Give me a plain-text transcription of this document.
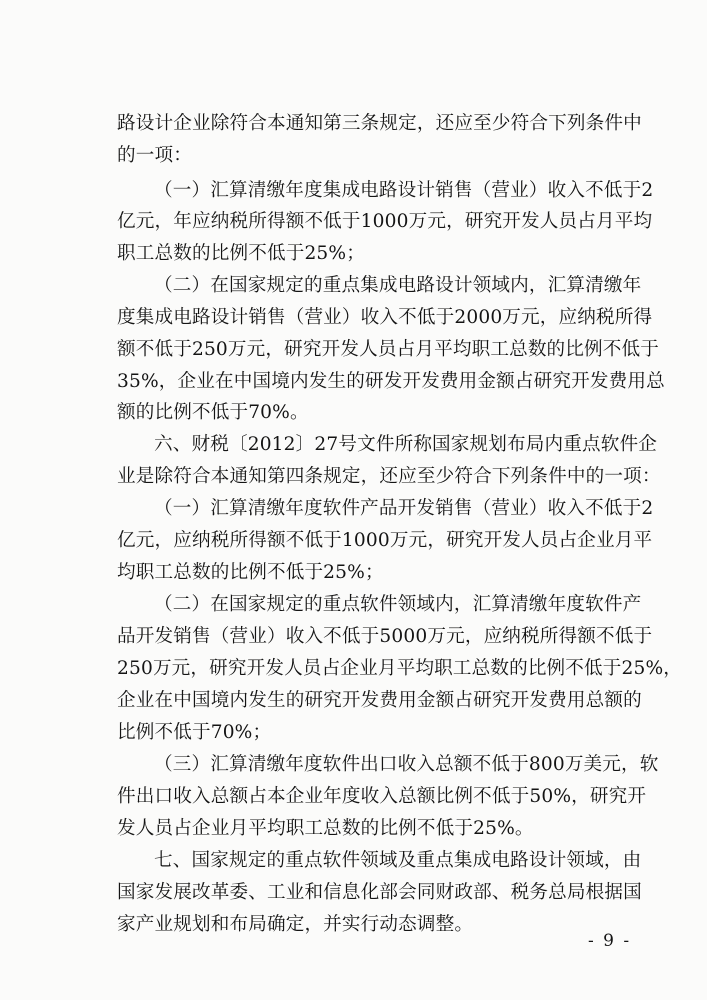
路设计企业除符合本通知第三条规定，还应至少符合下列条件中
的一项：
（一）汇算清缴年度集成电路设计销售（营业）收入不低于2
亿元，年应纳税所得额不低于1000万元，研究开发人员占月平均
职工总数的比例不低于25%；
（二）在国家规定的重点集成电路设计领域内，汇算清缴年
度集成电路设计销售（营业）收入不低于2000万元，应纳税所得
额不低于250万元，研究开发人员占月平均职工总数的比例不低于
35%，企业在中国境内发生的研发开发费用金额占研究开发费用总
额的比例不低于70%。
六、财税〔2012〕27号文件所称国家规划布局内重点软件企
业是除符合本通知第四条规定，还应至少符合下列条件中的一项：
（一）汇算清缴年度软件产品开发销售（营业）收入不低于2
亿元，应纳税所得额不低于1000万元，研究开发人员占企业月平
均职工总数的比例不低于25%；
（二）在国家规定的重点软件领域内，汇算清缴年度软件产
品开发销售（营业）收入不低于5000万元，应纳税所得额不低于
250万元，研究开发人员占企业月平均职工总数的比例不低于25%，
企业在中国境内发生的研究开发费用金额占研究开发费用总额的
比例不低于70%；
（三）汇算清缴年度软件出口收入总额不低于800万美元，软
件出口收入总额占本企业年度收入总额比例不低于50%，研究开
发人员占企业月平均职工总数的比例不低于25%。
七、国家规定的重点软件领域及重点集成电路设计领域，由
国家发展改革委、工业和信息化部会同财政部、税务总局根据国
家产业规划和布局确定，并实行动态调整。
- 9 -
